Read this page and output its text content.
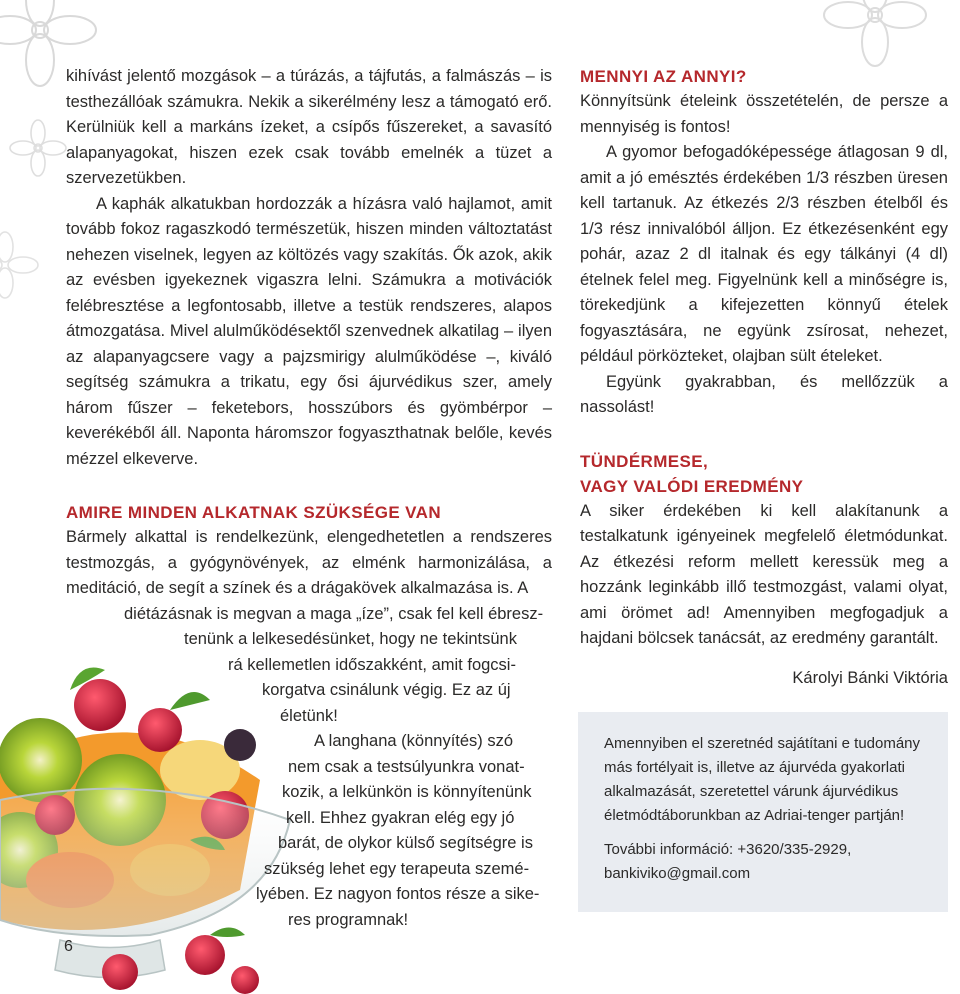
kihívást jelentő mozgások – a túrázás, a tájfutás, a falmászás – is testhezállóak számukra. Nekik a sikerélmény lesz a támogató erő. Kerülniük kell a markáns ízeket, a csípős fűszereket, a savasító alapanyagokat, hiszen ezek csak tovább emelnék a tüzet a szervezetükben.

A kaphák alkatukban hordozzák a hízásra való hajlamot, amit tovább fokoz ragaszkodó természetük, hiszen minden változtatást nehezen viselnek, legyen az költözés vagy szakítás. Ők azok, akik az evésben igyekeznek vigaszra lelni. Számukra a motivációk felébresztése a legfontosabb, illetve a testük rendszeres, alapos átmozgatása. Mivel alulműködésektől szenvednek alkatilag – ilyen az alapanyagcsere vagy a pajzsmirigy alulműködése –, kiváló segítség számukra a trikatu, egy ősi ájurvédikus szer, amely három fűszer – feketebors, hosszúbors és gyömbérpor – keverékéből áll. Naponta háromszor fogyaszthatnak belőle, kevés mézzel elkeverve.

AMIRE MINDEN ALKATNAK SZÜKSÉGE VAN

Bármely alkattal is rendelkezünk, elengedhetetlen a rendszeres testmozgás, a gyógynövények, az elménk harmonizálása, a meditáció, de segít a színek és a drágakövek alkalmazása is. A

diétázásnak is megvan a maga „íze”, csak fel kell ébresz-
tenünk a lelkesedésünket, hogy ne tekintsünk
rá kellemetlen időszakként, amit fogcsi-
korgatva csinálunk végig. Ez az új
életünk!
A langhana (könnyítés) szó
nem csak a testsúlyunkra vonat-
kozik, a lelkünkön is könnyítenünk
kell. Ehhez gyakran elég egy jó
barát, de olykor külső segítségre is
szükség lehet egy terapeuta szemé-
lyében. Ez nagyon fontos része a sike-
res programnak!
MENNYI AZ ANNYI?

Könnyítsünk ételeink összetételén, de persze a mennyiség is fontos!

A gyomor befogadóképessége átlagosan 9 dl, amit a jó emésztés érdekében 1/3 részben üresen kell tartanuk. Az étkezés 2/3 részben ételből és 1/3 rész innivalóból álljon. Ez étkezésenként egy pohár, azaz 2 dl italnak és egy tálkányi (4 dl) ételnek felel meg. Figyelnünk kell a minőségre is, törekedjünk a kifejezetten könnyű ételek fogyasztására, ne együnk zsírosat, nehezet, például pörközteket, olajban sült ételeket.

Együnk gyakrabban, és mellőzzük a nassolást!

TÜNDÉRMESE,
VAGY VALÓDI EREDMÉNY

A siker érdekében ki kell alakítanunk a testalkatunk igényeinek megfelelő életmódunkat. Az étkezési reform mellett keressük meg a hozzánk leginkább illő testmozgást, valami olyat, ami örömet ad! Amennyiben megfogadjuk a hajdani bölcsek tanácsát, az eredmény garantált.

Károlyi Bánki Viktória

Amennyiben el szeretnéd sajátítani e tudomány más fortélyait is, illetve az ájurvéda gyakorlati alkalmazását, szeretettel várunk ájurvédikus életmódtáborunkban az Adriai-tenger partján!

További információ: +3620/335-2929,
bankiviko@gmail.com

6
